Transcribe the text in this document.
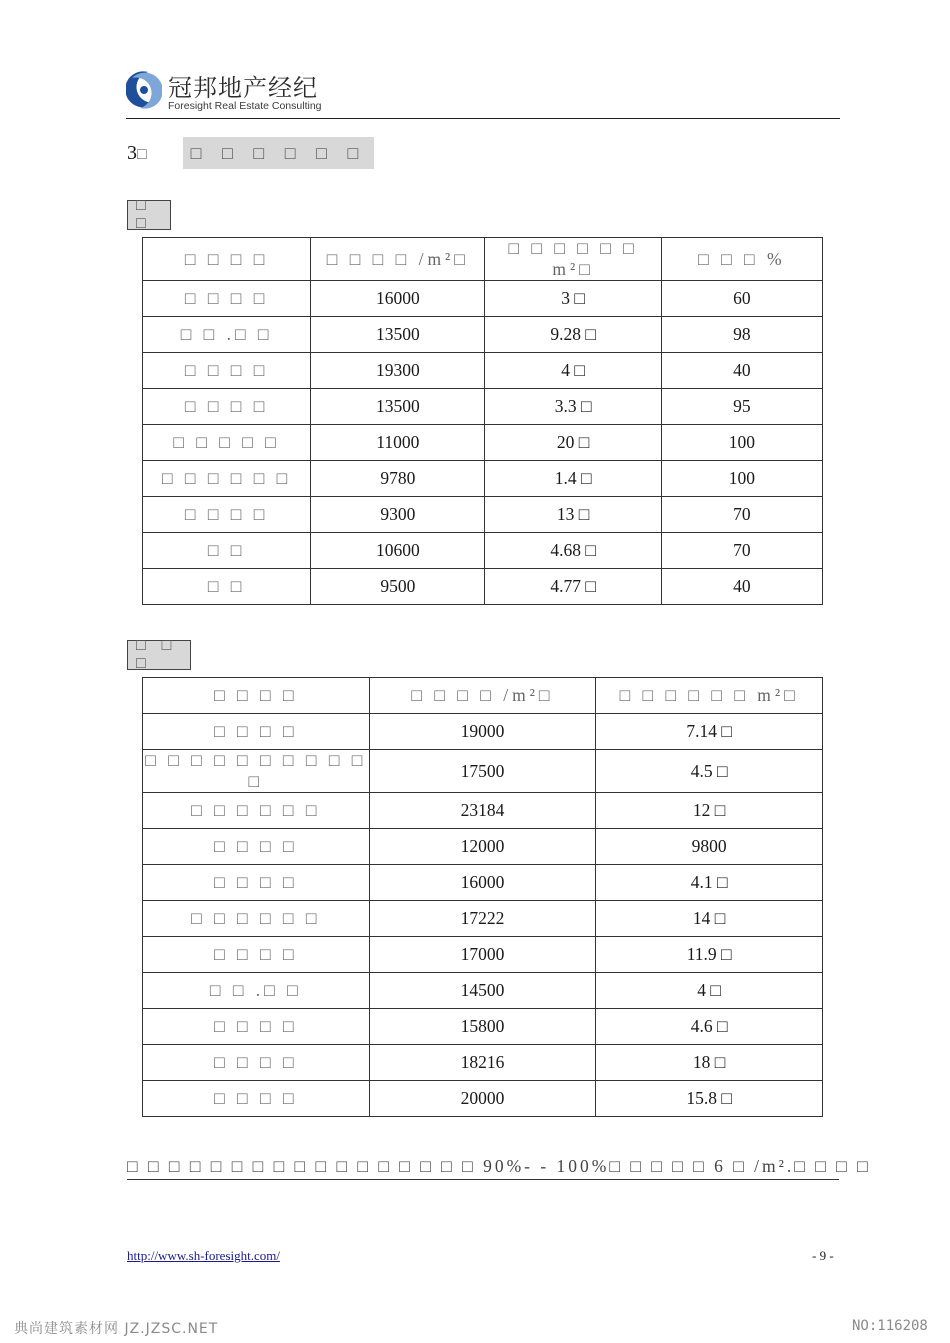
冠邦地产经纪
Foresight Real Estate Consulting
3□	□ □ □ □ □ □
□ □
□ □ □ □	□ □ □ □ /m²□	□ □ □ □ □ □ m²□	□ □ □ %
□ □ □ □	16000	3 □	60
□ □ .□ □	13500	9.28 □	98
□ □ □ □	19300	4 □	40
□ □ □ □	13500	3.3 □	95
□ □ □ □ □	11000	20 □	100
□ □ □ □ □ □	9780	1.4 □	100
□ □ □ □	9300	13 □	70
□ □	10600	4.68 □	70
□ □	9500	4.77 □	40
□ □ □
□ □ □ □	□ □ □ □ /m²□	□ □ □ □ □ □ m²□
□ □ □ □	19000	7.14 □
□ □ □ □ □ □ □ □ □ □ □	17500	4.5 □
□ □ □ □ □ □	23184	12 □
□ □ □ □	12000	9800
□ □ □ □	16000	4.1 □
□ □ □ □ □ □	17222	14 □
□ □ □ □	17000	11.9 □
□ □ .□ □	14500	4 □
□ □ □ □	15800	4.6 □
□ □ □ □	18216	18 □
□ □ □ □	20000	15.8 □
□ □ □ □ □ □ □ □ □ □ □ □ □ □ □ □ □ 90%- - 100%□ □ □ □ □ 6 □ /m².□ □ □ □
http://www.sh-foresight.com/	- 9 -
典尚建筑素材网 JZ.JZSC.NET	NO:116208
